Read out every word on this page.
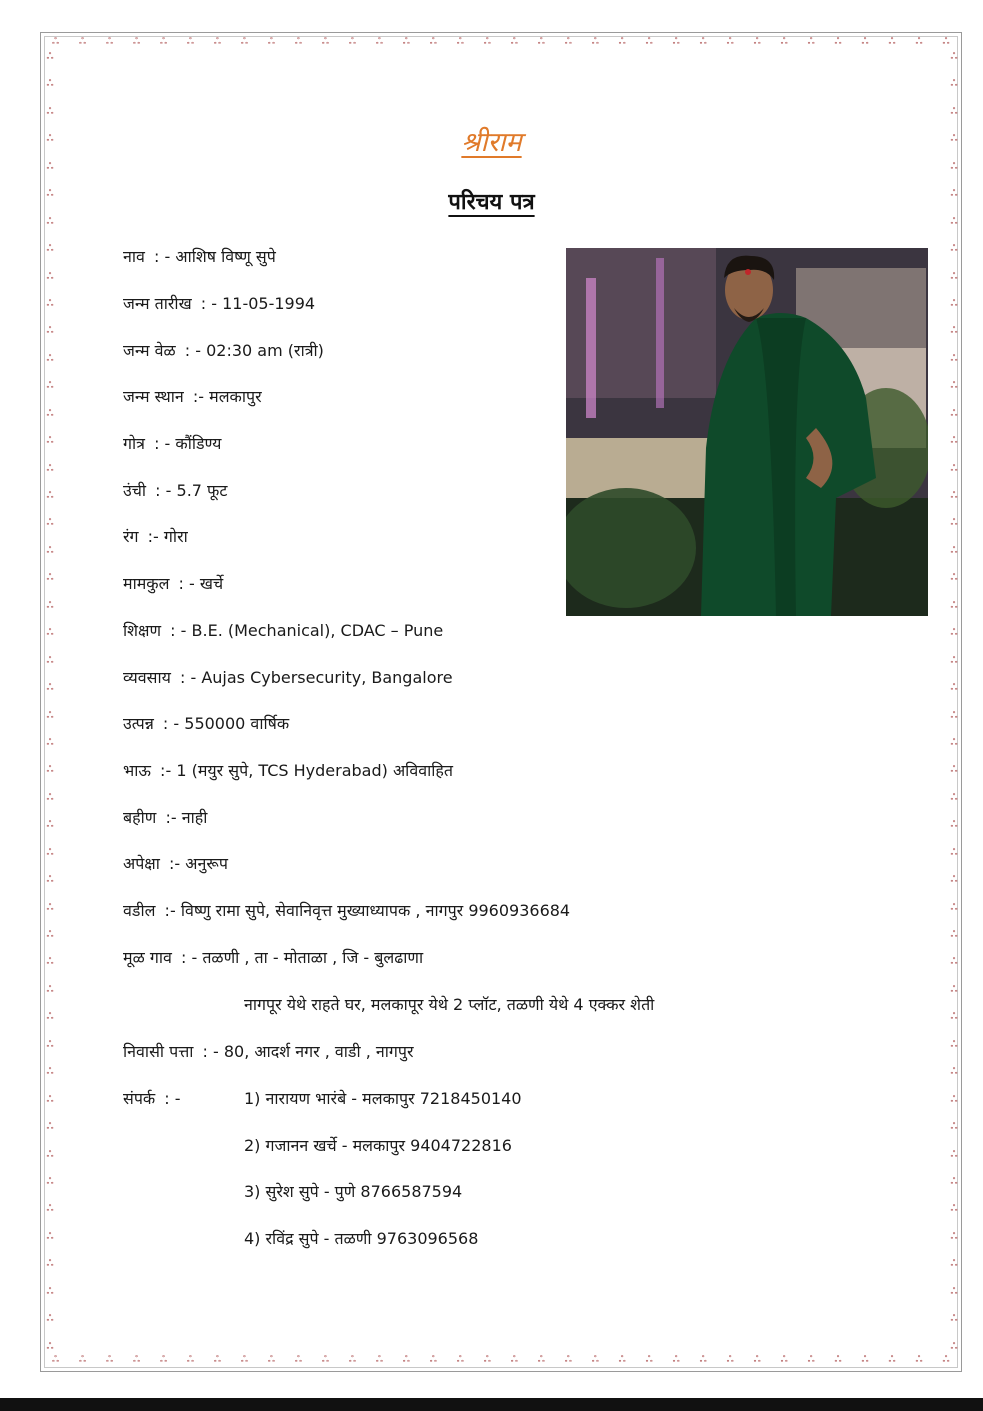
ஃ ஃ ஃ ஃ ஃ ஃ ஃ ஃ ஃ ஃ ஃ ஃ ஃ ஃ ஃ ஃ ஃ ஃ ஃ ஃ ஃ ஃ ஃ ஃ ஃ ஃ ஃ ஃ ஃ ஃ ஃ ஃ ஃ ஃ
ஃ ஃ ஃ ஃ ஃ ஃ ஃ ஃ ஃ ஃ ஃ ஃ ஃ ஃ ஃ ஃ ஃ ஃ ஃ ஃ ஃ ஃ ஃ ஃ ஃ ஃ ஃ ஃ ஃ ஃ ஃ ஃ ஃ ஃ
ஃ
ஃ
ஃ
ஃ
ஃ
ஃ
ஃ
ஃ
ஃ
ஃ
ஃ
ஃ
ஃ
ஃ
ஃ
ஃ
ஃ
ஃ
ஃ
ஃ
ஃ
ஃ
ஃ
ஃ
ஃ
ஃ
ஃ
ஃ
ஃ
ஃ
ஃ
ஃ
ஃ
ஃ
ஃ
ஃ
ஃ
ஃ
ஃ
ஃ
ஃ
ஃ
ஃ
ஃ
ஃ
ஃ
ஃ
ஃ
ஃ
ஃ
ஃ
ஃ
ஃ
ஃ
ஃ
ஃ
ஃ
ஃ
ஃ
ஃ
ஃ
ஃ
ஃ
ஃ
ஃ
ஃ
ஃ
ஃ
ஃ
ஃ
ஃ
ஃ
ஃ
ஃ
ஃ
ஃ
ஃ
ஃ
ஃ
ஃ
ஃ
ஃ
ஃ
ஃ
ஃ
ஃ
ஃ
ஃ
ஃ
ஃ
ஃ
ஃ
ஃ
ஃ
ஃ
ஃ
श्रीराम
परिचय पत्र
नाव : - आशिष विष्णू सुपे
जन्म तारीख : - 11-05-1994
जन्म वेळ : - 02:30 am (रात्री)
जन्म स्थान :- मलकापुर
गोत्र : - कौंडिण्य
उंची : - 5.7 फूट
रंग :- गोरा
मामकुल : - खर्चे
शिक्षण : - B.E. (Mechanical), CDAC – Pune
व्यवसाय : - Aujas Cybersecurity, Bangalore
उत्पन्न : - 550000 वार्षिक
भाऊ :- 1 (मयुर सुपे, TCS Hyderabad) अविवाहित
बहीण :- नाही
अपेक्षा :- अनुरूप
वडील :- विष्णु रामा सुपे, सेवानिवृत्त मुख्याध्यापक , नागपुर 9960936684
मूळ गाव : - तळणी , ता - मोताळा , जि - बुलढाणा
नागपूर येथे राहते घर, मलकापूर येथे 2 प्लॉट, तळणी येथे 4 एक्कर शेती
निवासी पत्ता : - 80, आदर्श नगर , वाडी , नागपुर
संपर्क : -	1) नारायण भारंबे - मलकापुर 7218450140
2) गजानन खर्चे - मलकापुर 9404722816
3) सुरेश सुपे - पुणे 8766587594
4) रविंद्र सुपे - तळणी 9763096568
